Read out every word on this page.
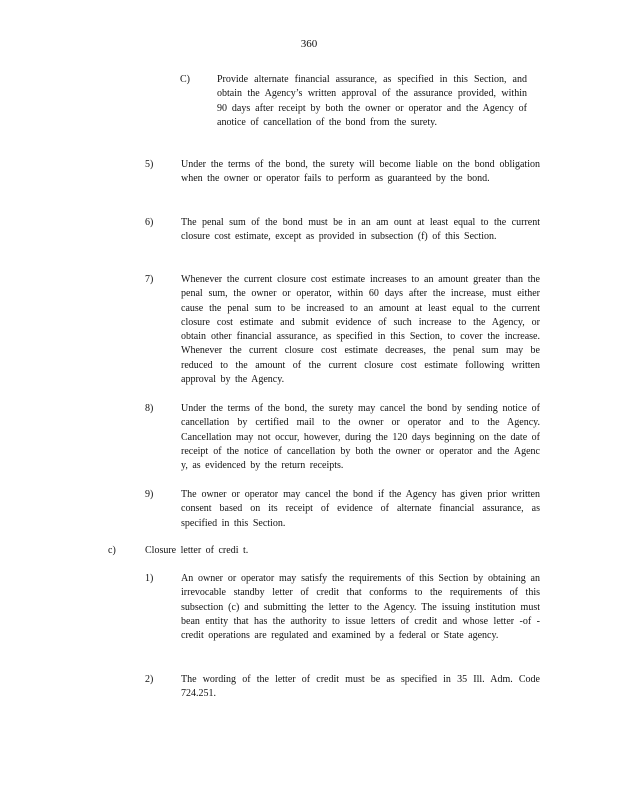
360
C)	Provide alternate financial assurance, as specified in this Section, and obtain the Agency’s written approval of the assurance provided, within 90 days after receipt by both the owner or operator and the Agency of anotice of cancellation of the bond from the surety.
5)	Under the terms of the bond, the surety will become liable on the bond obligation when the owner or operator fails to perform as guaranteed by the bond.
6)	The penal sum of the bond must be in an am ount at least equal to the current closure cost estimate, except as provided in subsection (f) of this Section.
7)	Whenever the current closure cost estimate increases to an amount greater than the penal sum, the owner or operator, within 60 days after the increase, must either cause the penal sum to be increased to an amount at least equal to the current closure cost estimate and submit evidence of such increase to the Agency, or obtain other financial assurance, as specified in this Section, to cover the increase. Whenever the current closure cost estimate decreases, the penal sum may be reduced to the amount of the current closure cost estimate following written approval by the Agency.
8)	Under the terms of the bond, the surety may cancel the bond by sending notice of cancellation by certified mail to the owner or operator and to the Agency. Cancellation may not occur, however, during the 120 days beginning on the date of receipt of the notice of cancellation by both the owner or operator and the Agenc y, as evidenced by the return receipts.
9)	The owner or operator may cancel the bond if the Agency has given prior written consent based on its receipt of evidence of alternate financial assurance, as specified in this Section.
c)	Closure letter of credi t.
1)	An owner or operator may satisfy the requirements of this Section by obtaining an irrevocable standby letter of credit that conforms to the requirements of this subsection (c) and submitting the letter to the Agency. The issuing institution must bean entity that has the authority to issue letters of credit and whose letter -of -credit operations are regulated and examined by a federal or State agency.
2)	The wording of the letter of credit must be as specified in 35 Ill. Adm. Code 724.251.
